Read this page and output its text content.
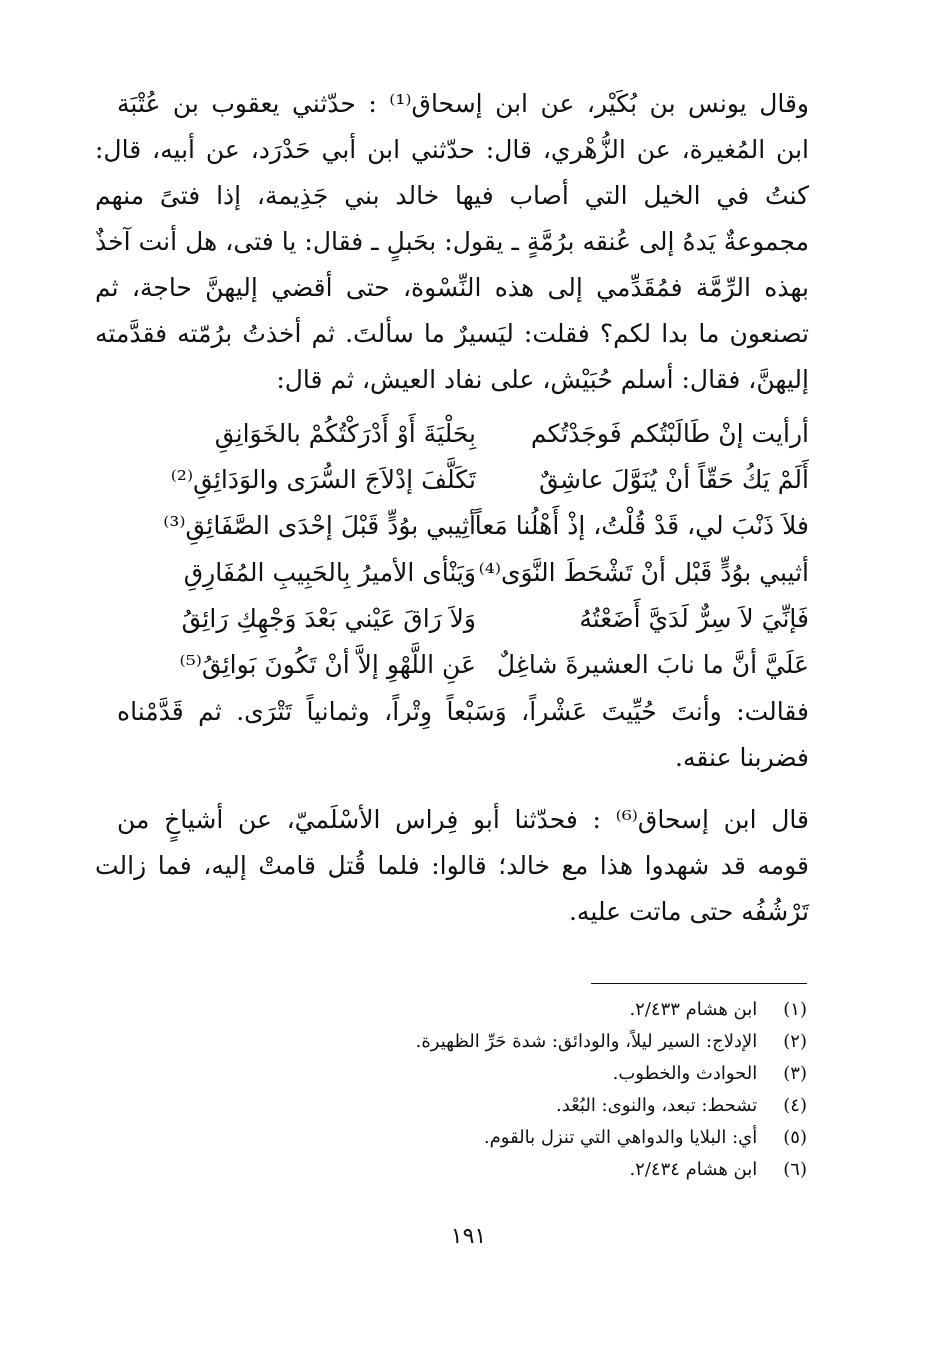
وقال يونس بن بُكَيْر، عن ابن إسحاق⁽¹⁾ : حدّثني يعقوب بن عُتْبَة
ابن المُغيرة، عن الزُّهْري، قال: حدّثني ابن أبي حَدْرَد، عن أبيه، قال:
كنتُ في الخيل التي أصاب فيها خالد بني جَذِيمة، إذا فتىً منهم
مجموعةٌ يَدهُ إلى عُنقه برُمَّةٍ ـ يقول: بحَبلٍ ـ فقال: يا فتى، هل أنت آخذٌ
بهذه الرِّمَّة فمُقَدِّمي إلى هذه النِّسْوة، حتى أقضي إليهنَّ حاجة، ثم
تصنعون ما بدا لكم؟ فقلت: ليَسيرٌ ما سألتَ. ثم أخذتُ برُمّته فقدَّمته
إليهنَّ، فقال: أسلم حُبَيْش، على نفاد العيش، ثم قال:
أرأيت إنْ طَالَبْتُكم فَوجَدْتُكم
بِحَلْيَةَ أَوْ أَدْرَكْتُكُمْ بالخَوَانِقِ
أَلَمْ يَكُ حَقّاً أنْ يُنَوَّلَ عاشِقٌ
تَكَلَّفَ إدْلاَجَ السُّرَى والوَدَائِقِ⁽²⁾
فلاَ ذَنْبَ لي، قَدْ قُلْتُ، إذْ أَهْلُنا مَعاً
أثِيبي بوُدٍّ قَبْلَ إحْدَى الصَّفَائِقِ⁽³⁾
أثيبي بوُدٍّ قَبْل أنْ تَشْحَطَ النَّوَى⁽⁴⁾
وَيَنْأى الأميرُ بِالحَبِيبِ المُفَارِقِ
فَإنِّيَ لاَ سِرٌّ لَدَيَّ أَضَعْتُهُ
وَلاَ رَاقَ عَيْني بَعْدَ وَجْهِكِ رَائِقُ
عَلَيَّ أنَّ ما نابَ العشيرةَ شاغِلٌ
عَنِ اللَّهْوِ إلاَّ أنْ تَكُونَ بَوائِقُ⁽⁵⁾
فقالت: وأنتَ حُيِّيتَ عَشْراً، وَسَبْعاً وِتْراً، وثمانياً تَتْرَى. ثم قَدَّمْناه
فضربنا عنقه.
قال ابن إسحاق⁽⁶⁾ : فحدّثنا أبو فِراس الأسْلَميّ، عن أشياخٍ من
قومه قد شهدوا هذا مع خالد؛ قالوا: فلما قُتل قامتْ إليه، فما زالت
تَرْشُفُه حتى ماتت عليه.
(١) ابن هشام ٢/٤٣٣.
(٢) الإدلاج: السير ليلاً، والودائق: شدة حَرِّ الظهيرة.
(٣) الحوادث والخطوب.
(٤) تشحط: تبعد، والنوى: البُعْد.
(٥) أي: البلايا والدواهي التي تنزل بالقوم.
(٦) ابن هشام ٢/٤٣٤.
١٩١
